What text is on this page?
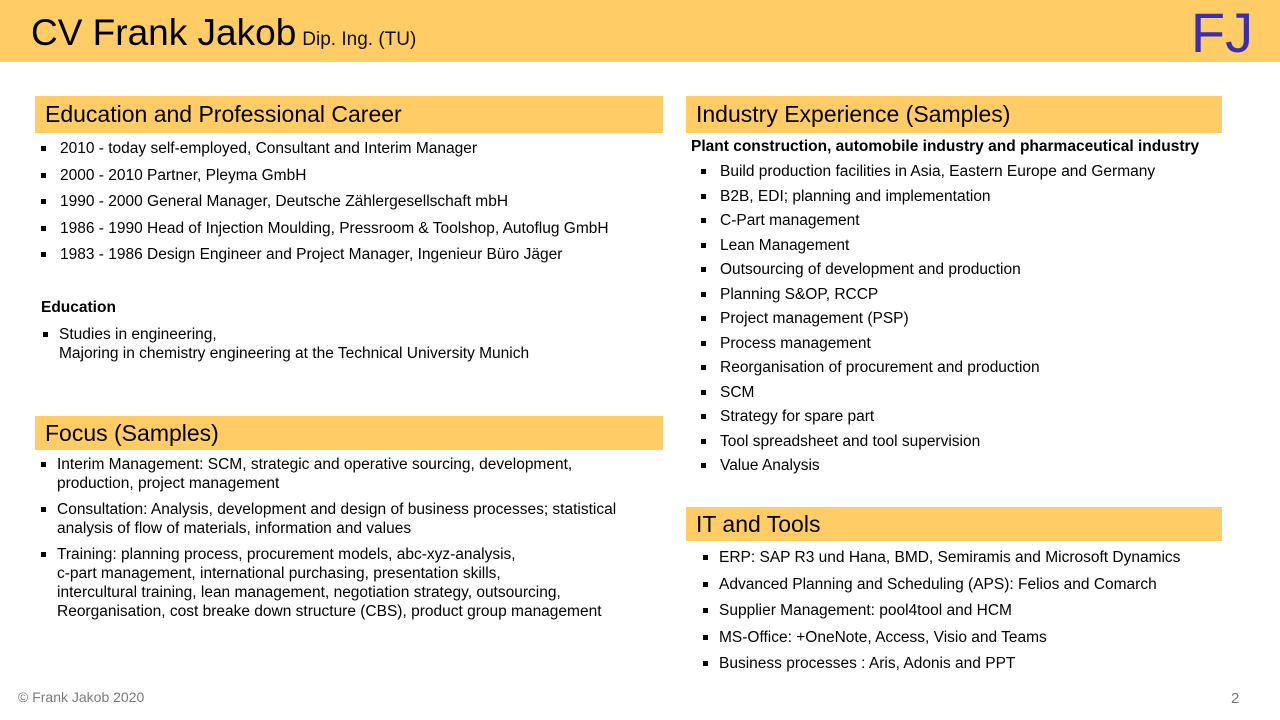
CV Frank Jakob Dip. Ing. (TU)	FJ
Education and Professional Career
2010 - today self-employed, Consultant and Interim Manager
2000 - 2010 Partner, Pleyma GmbH
1990 - 2000 General Manager, Deutsche Zählergesellschaft mbH
1986 - 1990 Head of Injection Moulding, Pressroom & Toolshop, Autoflug GmbH
1983 - 1986 Design Engineer and Project Manager, Ingenieur Büro Jäger
Education
Studies in engineering,
Majoring in chemistry engineering at the Technical University Munich
Focus (Samples)
Interim Management: SCM, strategic and operative sourcing, development,
production, project management
Consultation: Analysis, development and design of business processes; statistical
analysis of flow of materials, information and values
Training: planning process, procurement models, abc-xyz-analysis,
c-part management, international purchasing, presentation skills,
intercultural training, lean management, negotiation strategy, outsourcing,
Reorganisation, cost breake down structure (CBS), product group management
Industry Experience (Samples)
Plant construction, automobile industry and pharmaceutical industry
Build production facilities in Asia, Eastern Europe and Germany
B2B, EDI; planning and implementation
C-Part management
Lean Management
Outsourcing of development and production
Planning S&OP, RCCP
Project management (PSP)
Process management
Reorganisation of procurement and production
SCM
Strategy for spare part
Tool spreadsheet and tool supervision
Value Analysis
IT and Tools
ERP: SAP R3 und Hana, BMD, Semiramis and Microsoft Dynamics
Advanced Planning and Scheduling (APS): Felios and Comarch
Supplier Management: pool4tool and HCM
MS-Office: +OneNote, Access, Visio and Teams
Business processes : Aris, Adonis and PPT
© Frank Jakob 2020	2
